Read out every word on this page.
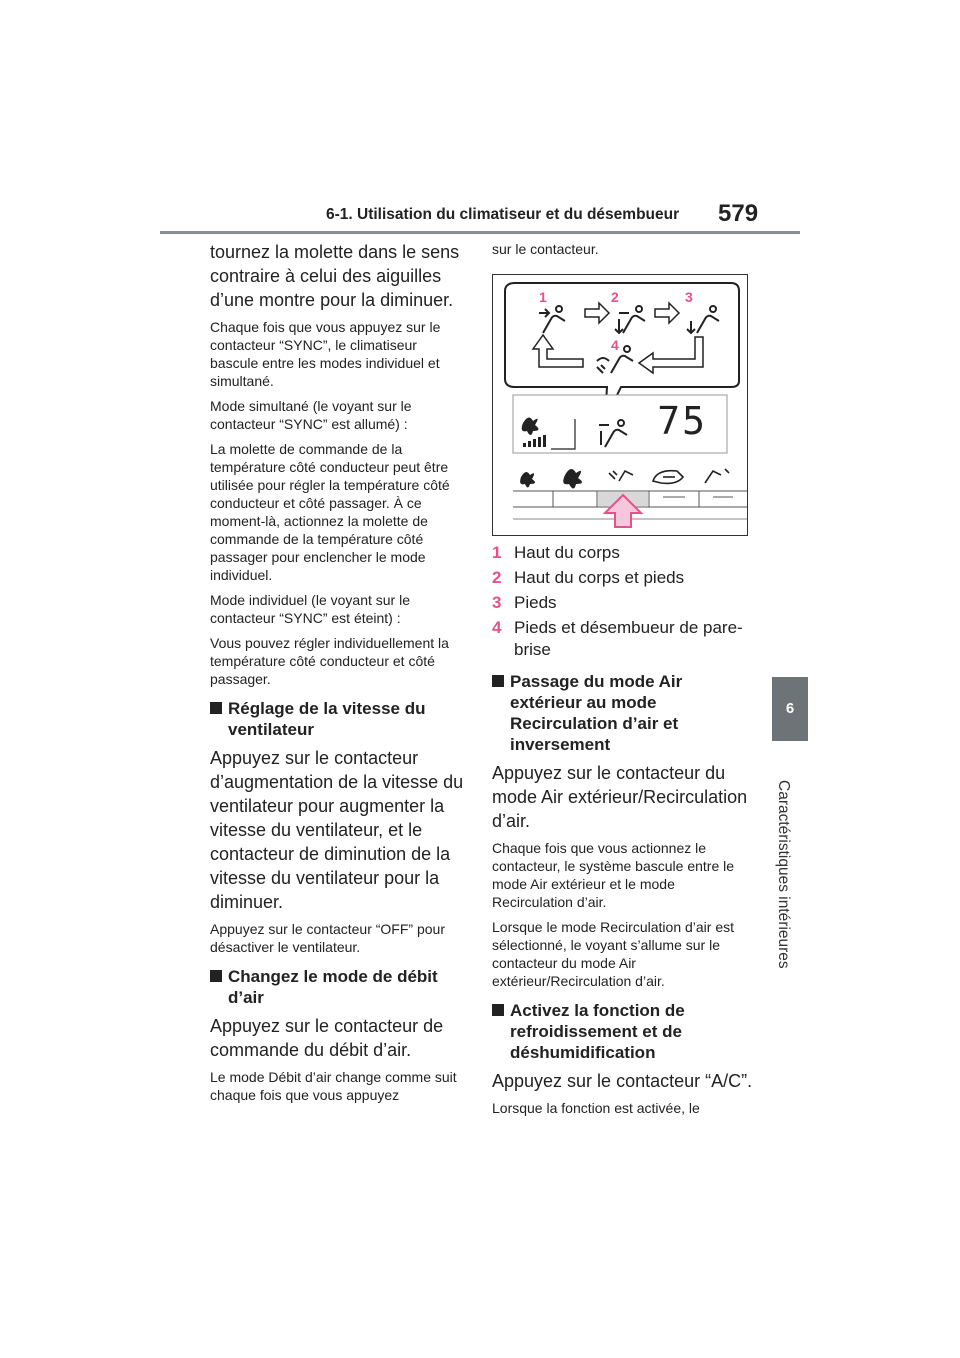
6-1. Utilisation du climatiseur et du désembueur 579
6
Caractéristiques intérieures

tournez la molette dans le sens contraire à celui des aiguilles d’une montre pour la diminuer.

Chaque fois que vous appuyez sur le contacteur “SYNC”, le climatiseur bascule entre les modes individuel et simultané.

Mode simultané (le voyant sur le contacteur “SYNC” est allumé) :

La molette de commande de la température côté conducteur peut être utilisée pour régler la température côté conducteur et côté passager. À ce moment-là, actionnez la molette de commande de la température côté passager pour enclencher le mode individuel.

Mode individuel (le voyant sur le contacteur “SYNC” est éteint) :

Vous pouvez régler individuellement la température côté conducteur et côté passager.

Réglage de la vitesse du ventilateur

Appuyez sur le contacteur d’augmentation de la vitesse du ventilateur pour augmenter la vitesse du ventilateur, et le contacteur de diminution de la vitesse du ventilateur pour la diminuer.

Appuyez sur le contacteur “OFF” pour désactiver le ventilateur.

Changez le mode de débit d’air

Appuyez sur le contacteur de commande du débit d’air.

Le mode Débit d’air change comme suit chaque fois que vous appuyez

sur le contacteur.

1	2	3
4
75
1 Haut du corps
2 Haut du corps et pieds
3 Pieds
4 Pieds et désembueur de pare-brise
Passage du mode Air extérieur au mode Recirculation d’air et inversement

Appuyez sur le contacteur du mode Air extérieur/Recirculation d’air.

Chaque fois que vous actionnez le contacteur, le système bascule entre le mode Air extérieur et le mode Recirculation d’air.

Lorsque le mode Recirculation d’air est sélectionné, le voyant s’allume sur le contacteur du mode Air extérieur/Recirculation d’air.

Activez la fonction de refroidissement et de déshumidification

Appuyez sur le contacteur “A/C”.

Lorsque la fonction est activée, le
